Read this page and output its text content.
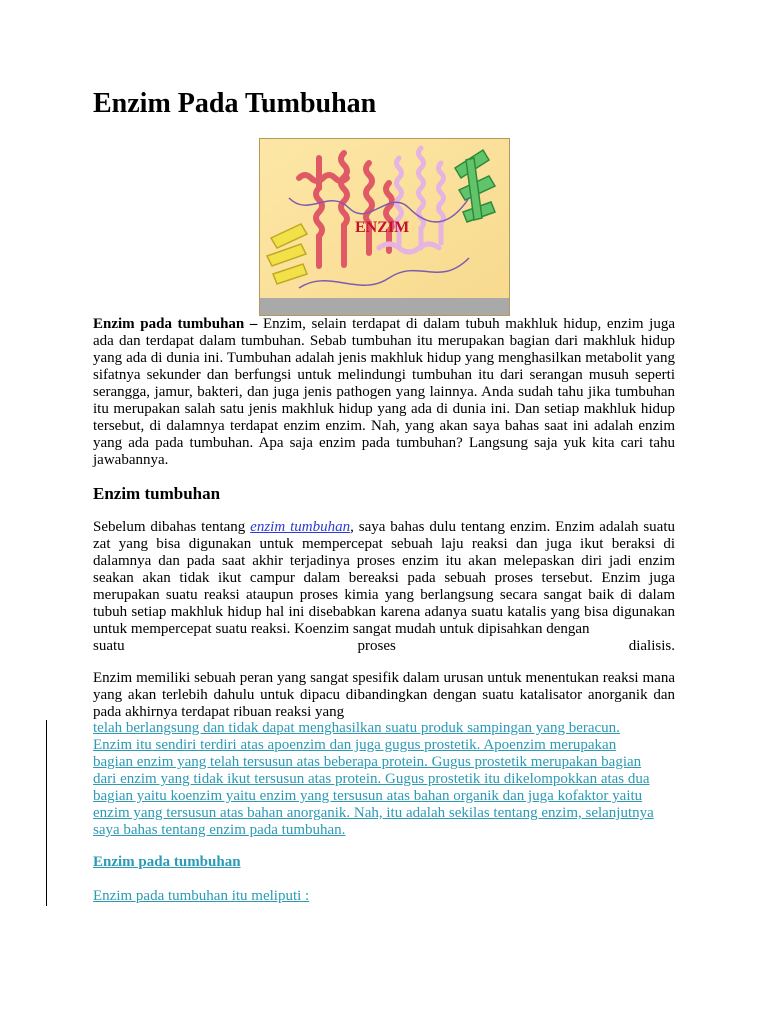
Enzim Pada Tumbuhan
ENZIM

Enzim pada tumbuhan – Enzim, selain terdapat di dalam tubuh makhluk hidup, enzim juga ada dan terdapat dalam tumbuhan. Sebab tumbuhan itu merupakan bagian dari makhluk hidup yang ada di dunia ini. Tumbuhan adalah jenis makhluk hidup yang menghasilkan metabolit yang sifatnya sekunder dan berfungsi untuk melindungi tumbuhan itu dari serangan musuh seperti serangga, jamur, bakteri, dan juga jenis pathogen yang lainnya. Anda sudah tahu jika tumbuhan itu merupakan salah satu jenis makhluk hidup yang ada di dunia ini. Dan setiap makhluk hidup tersebut, di dalamnya terdapat enzim enzim. Nah, yang akan saya bahas saat ini adalah enzim yang ada pada tumbuhan. Apa saja enzim pada tumbuhan? Langsung saja yuk kita cari tahu jawabannya.

Enzim tumbuhan
Sebelum dibahas tentang enzim tumbuhan, saya bahas dulu tentang enzim. Enzim adalah suatu zat yang bisa digunakan untuk mempercepat sebuah laju reaksi dan juga ikut beraksi di dalamnya dan pada saat akhir terjadinya proses enzim itu akan melepaskan diri jadi enzim seakan akan tidak ikut campur dalam bereaksi pada sebuah proses tersebut. Enzim juga merupakan suatu reaksi ataupun proses kimia yang berlangsung secara sangat baik di dalam tubuh setiap makhluk hidup hal ini disebabkan karena adanya suatu katalis yang bisa digunakan untuk mempercepat suatu reaksi. Koenzim sangat mudah untuk dipisahkan dengan
suatu	proses	dialisis.

Enzim memiliki sebuah peran yang sangat spesifik dalam urusan untuk menentukan reaksi mana yang akan terlebih dahulu untuk dipacu dibandingkan dengan suatu katalisator anorganik dan pada akhirnya terdapat ribuan reaksi yang

telah berlangsung dan tidak dapat menghasilkan suatu produk sampingan yang beracun.
Enzim itu sendiri terdiri atas apoenzim dan juga gugus prostetik. Apoenzim merupakan
bagian enzim yang telah tersusun atas beberapa protein. Gugus prostetik merupakan bagian
dari enzim yang tidak ikut tersusun atas protein. Gugus prostetik itu dikelompokkan atas dua
bagian yaitu koenzim yaitu enzim yang tersusun atas bahan organik dan juga kofaktor yaitu
enzim yang tersusun atas bahan anorganik. Nah, itu adalah sekilas tentang enzim, selanjutnya
saya bahas tentang enzim pada tumbuhan.
Enzim pada tumbuhan
Enzim pada tumbuhan itu meliputi :
